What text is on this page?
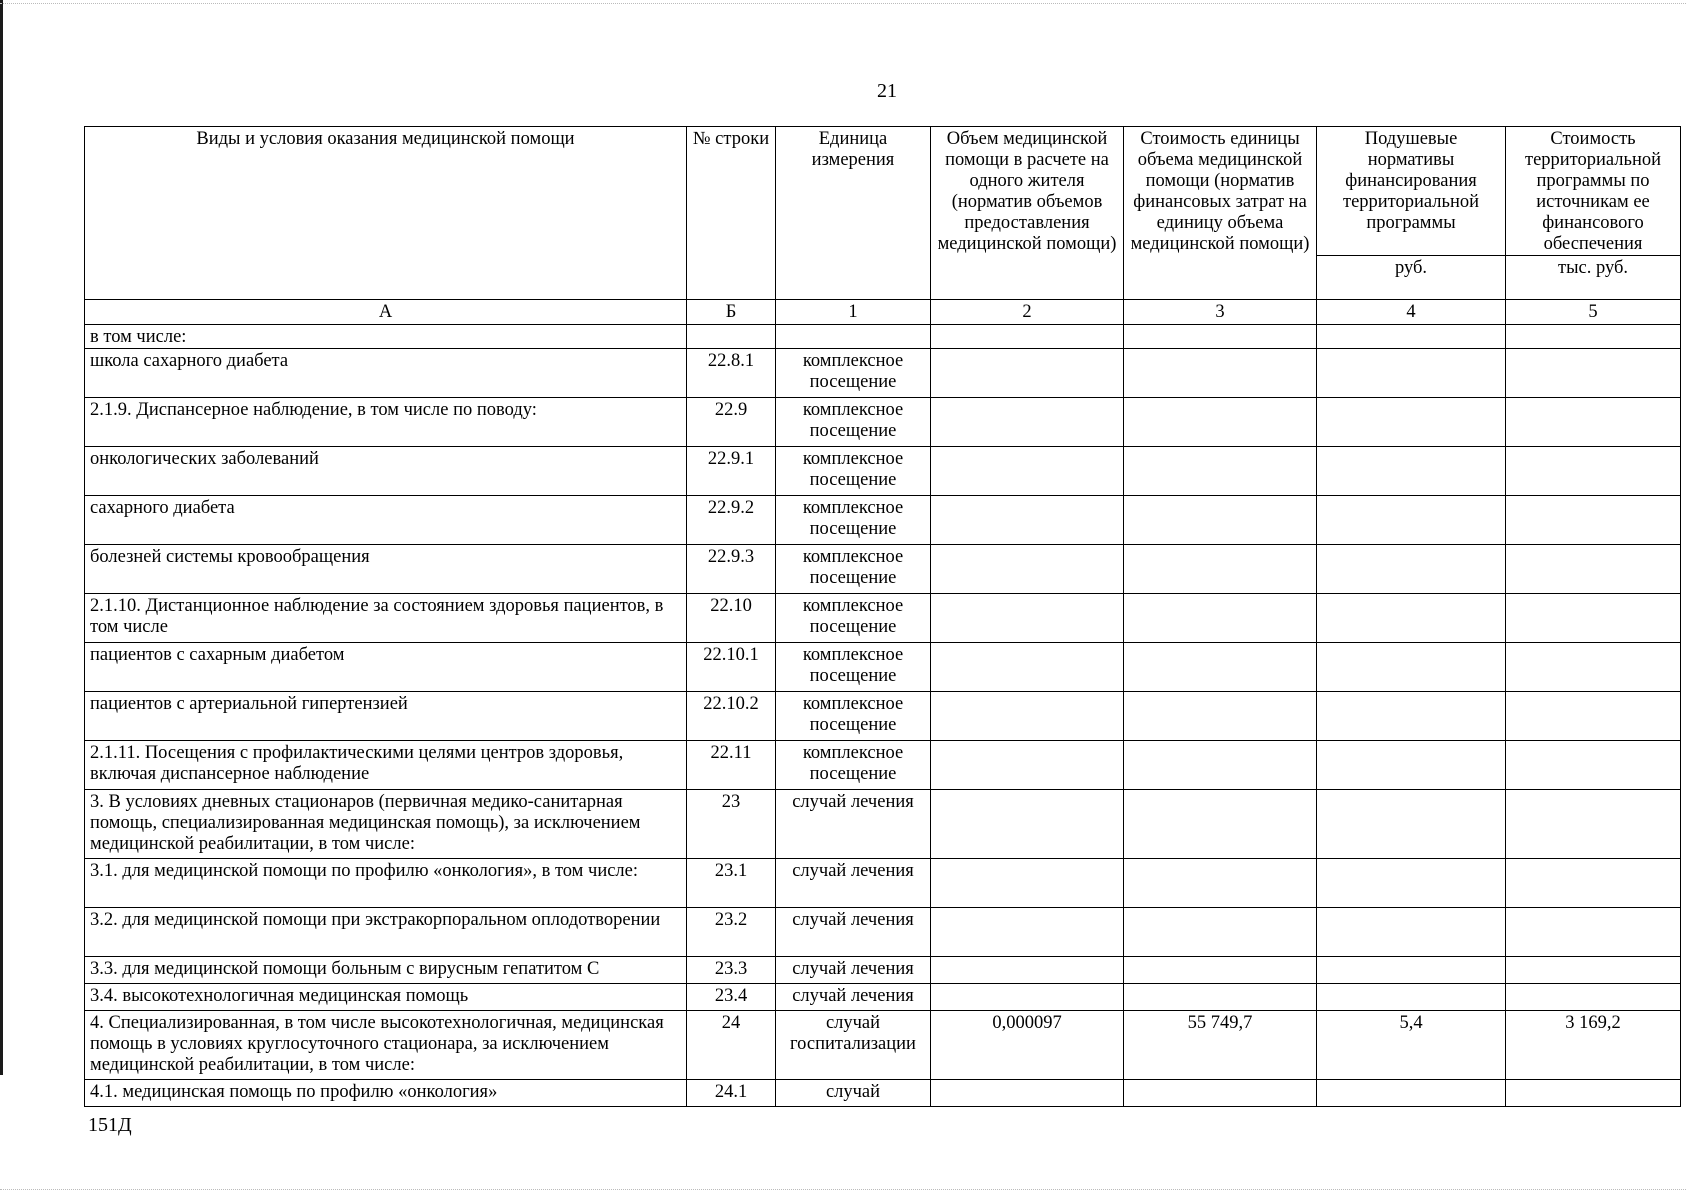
21
Виды и условия оказания медицинской помощи	№ строки	Единица измерения	Объем медицинской помощи в расчете на одного жителя (норматив объемов предоставления медицинской помощи)	Стоимость единицы объема медицинской помощи (норматив финансовых затрат на единицу объема медицинской помощи)	Подушевые нормативы финансирования территориальной программы	Стоимость территориальной программы по источникам ее финансового обеспечения
					руб.	тыс. руб.
А	Б	1	2	3	4	5
в том числе:						
школа сахарного диабета	22.8.1	комплексное посещение				
2.1.9. Диспансерное наблюдение, в том числе по поводу:	22.9	комплексное посещение				
онкологических заболеваний	22.9.1	комплексное посещение				
сахарного диабета	22.9.2	комплексное посещение				
болезней системы кровообращения	22.9.3	комплексное посещение				
2.1.10. Дистанционное наблюдение за состоянием здоровья пациентов, в том числе	22.10	комплексное посещение				
пациентов с сахарным диабетом	22.10.1	комплексное посещение				
пациентов с артериальной гипертензией	22.10.2	комплексное посещение				
2.1.11. Посещения с профилактическими целями центров здоровья, включая диспансерное наблюдение	22.11	комплексное посещение				
3. В условиях дневных стационаров (первичная медико-санитарная помощь, специализированная медицинская помощь), за исключением медицинской реабилитации, в том числе:	23	случай лечения				
3.1. для медицинской помощи по профилю «онкология», в том числе:	23.1	случай лечения				
3.2. для медицинской помощи при экстракорпоральном оплодотворении	23.2	случай лечения				
3.3. для медицинской помощи больным с вирусным гепатитом С	23.3	случай лечения				
3.4. высокотехнологичная медицинская помощь	23.4	случай лечения				
4. Специализированная, в том числе высокотехнологичная, медицинская помощь в условиях круглосуточного стационара, за исключением медицинской реабилитации, в том числе:	24	случай госпитализации	0,000097	55 749,7	5,4	3 169,2
4.1. медицинская помощь по профилю «онкология»	24.1	случай				
151Д
